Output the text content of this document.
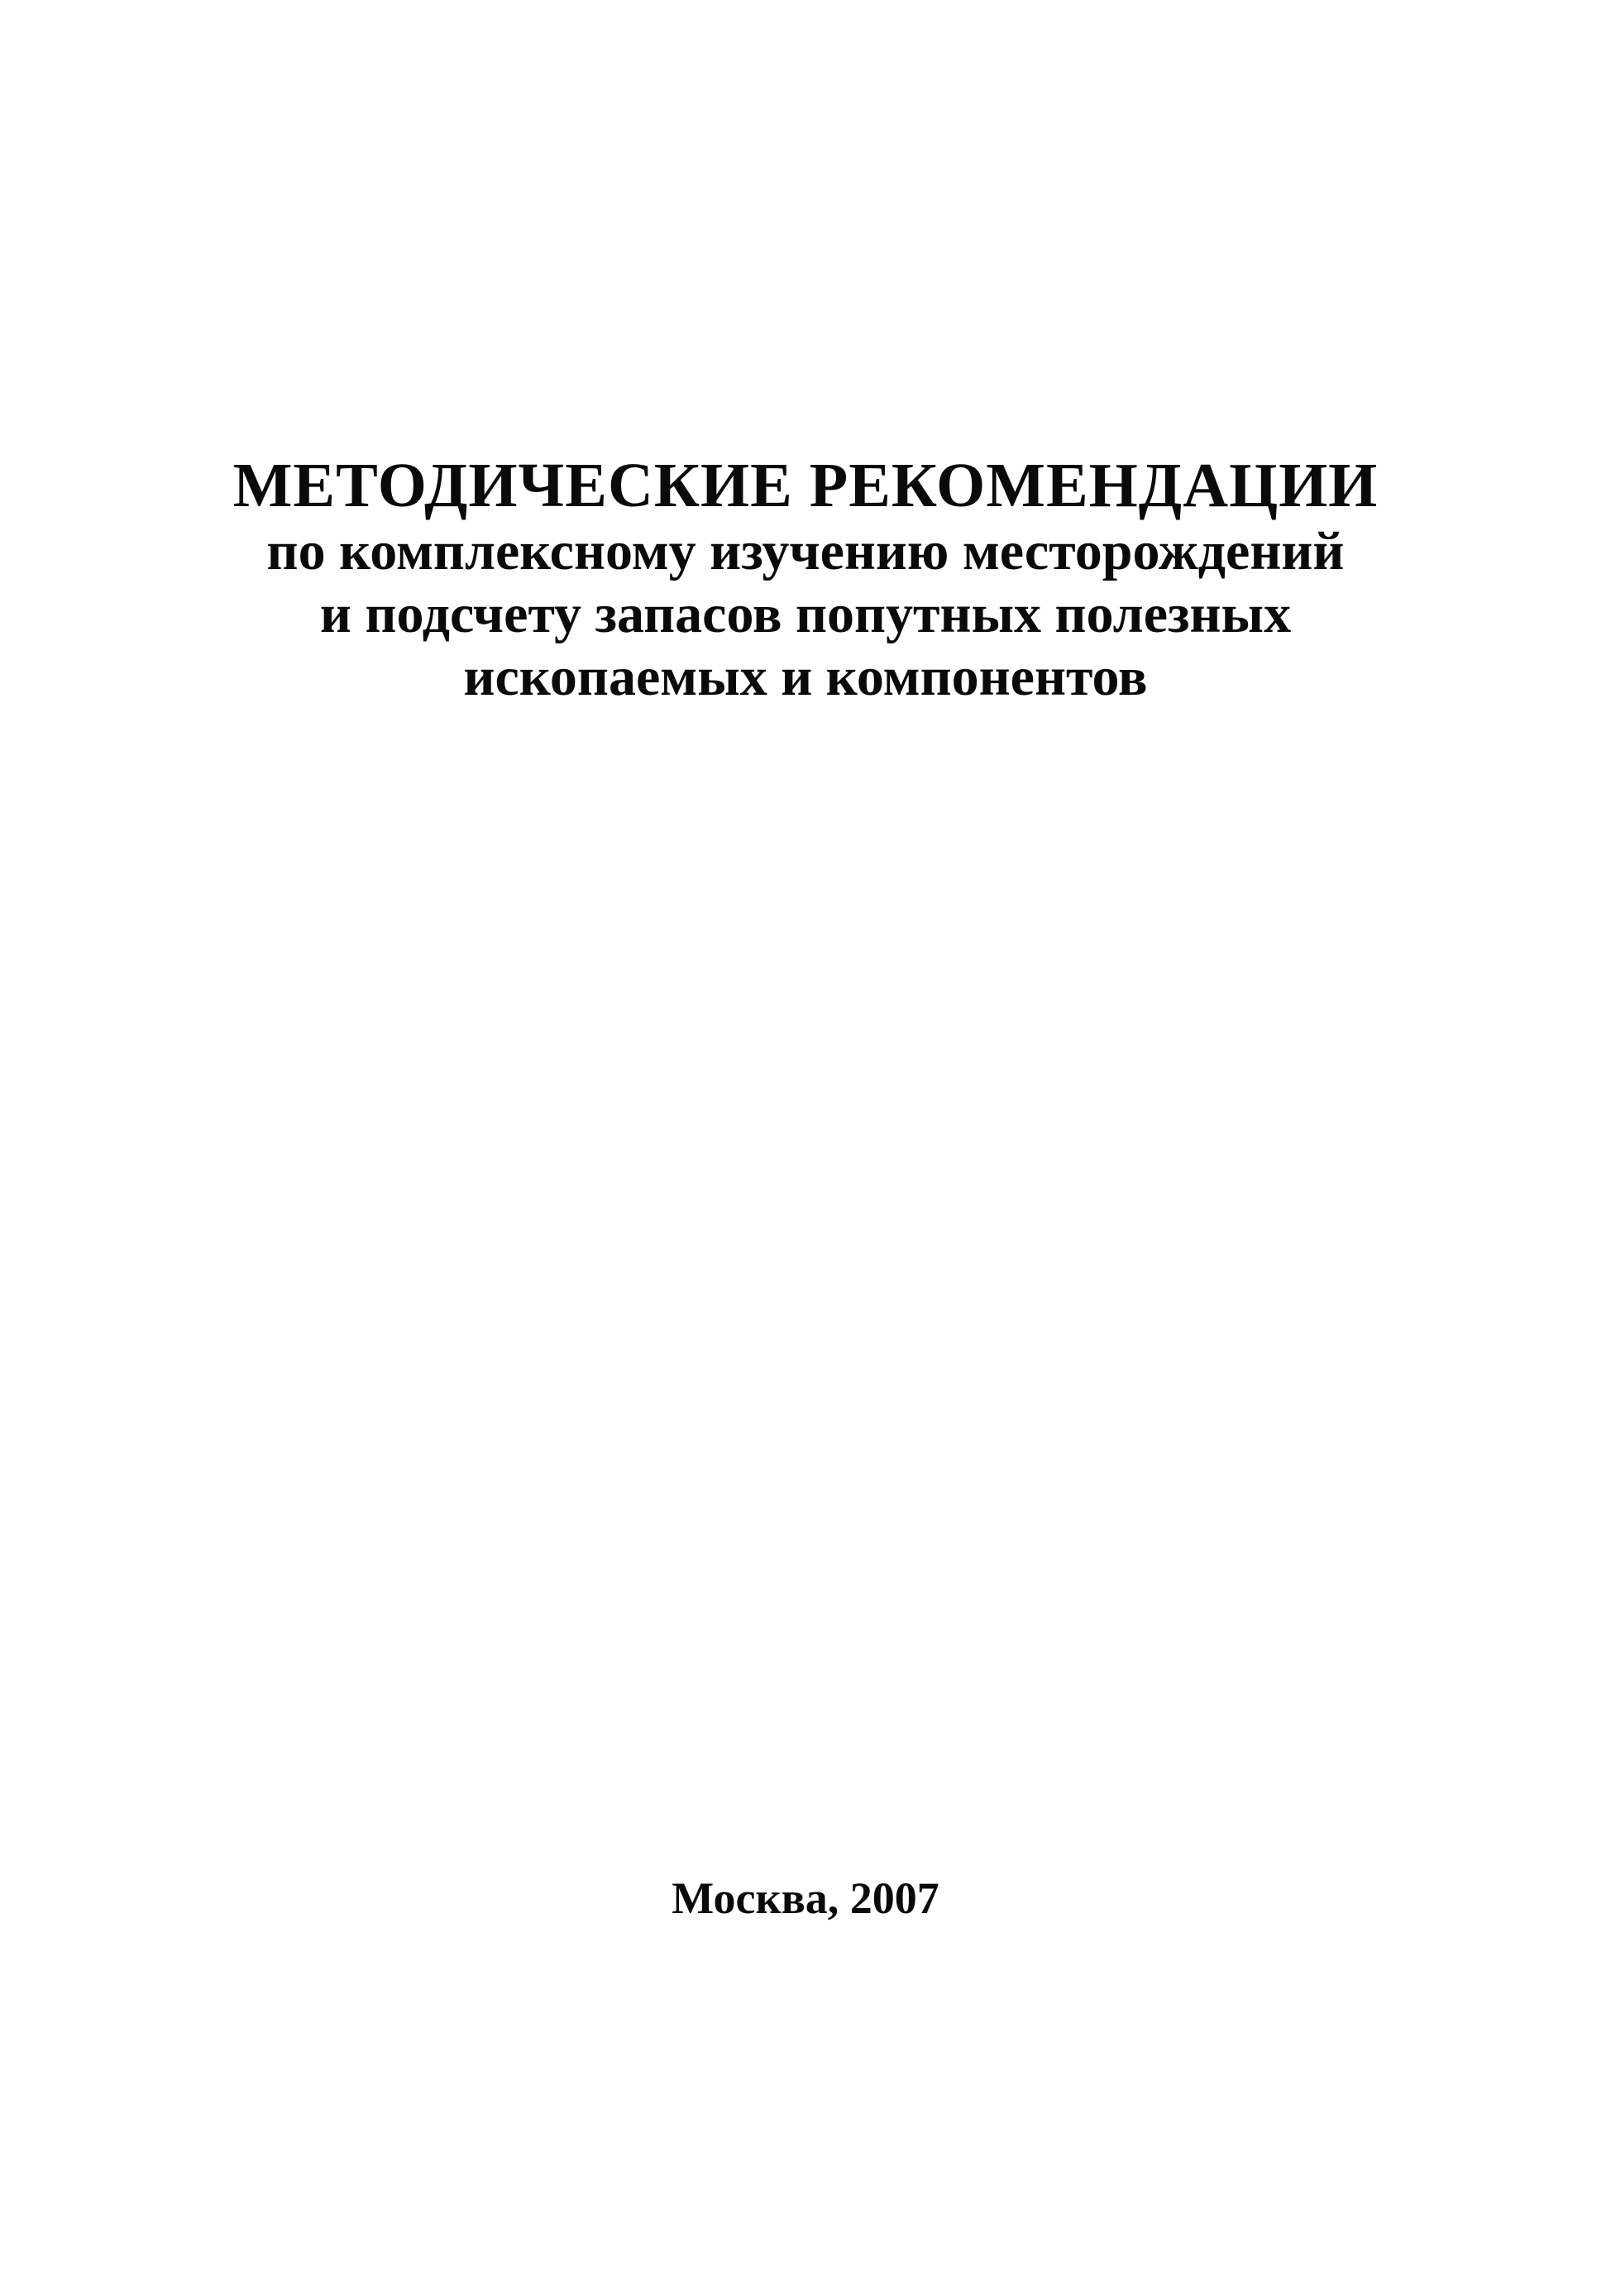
МЕТОДИЧЕСКИЕ РЕКОМЕНДАЦИИ
по комплексному изучению месторождений
и подсчету запасов попутных полезных
ископаемых и компонентов
Москва, 2007
